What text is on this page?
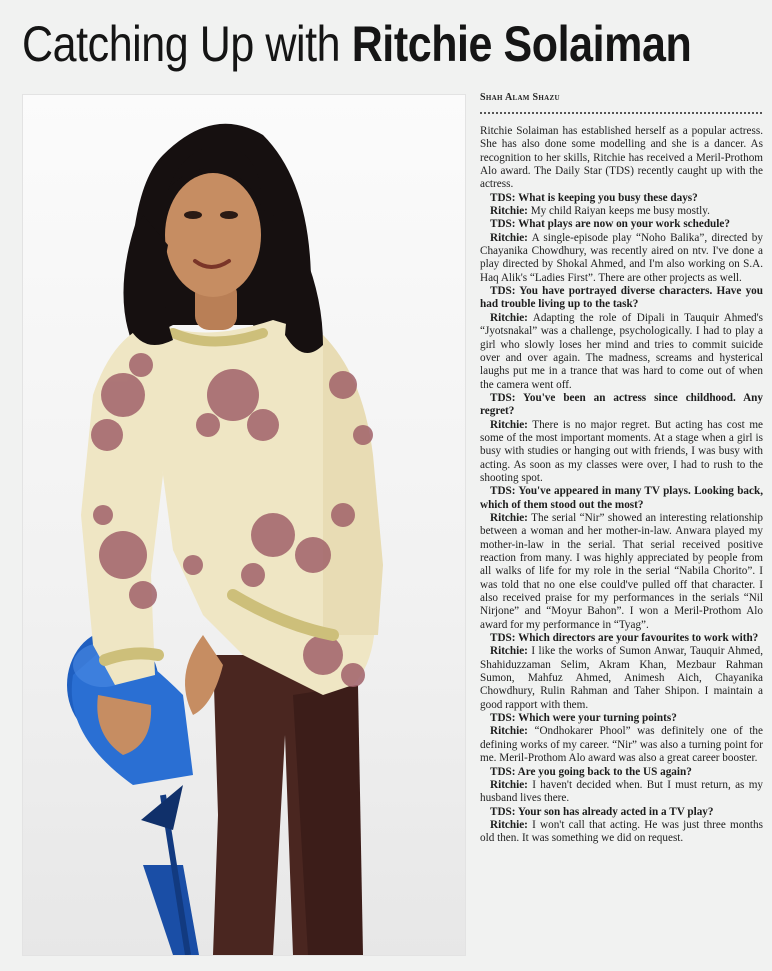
Catching Up with Ritchie Solaiman
Shah Alam Shazu

Ritchie Solaiman has established herself as a popular actress. She has also done some modelling and she is a dancer. As recognition to her skills, Ritchie has received a Meril-Prothom Alo award. The Daily Star (TDS) recently caught up with the actress.

TDS: What is keeping you busy these days?

Ritchie: My child Raiyan keeps me busy mostly.

TDS: What plays are now on your work schedule?

Ritchie: A single-episode play “Noho Balika”, directed by Chayanika Chowdhury, was recently aired on ntv. I've done a play directed by Shokal Ahmed, and I'm also working on S.A. Haq Alik's “Ladies First”. There are other projects as well.

TDS: You have portrayed diverse characters. Have you had trouble living up to the task?

Ritchie: Adapting the role of Dipali in Tauquir Ahmed's “Jyotsnakal” was a challenge, psychologically. I had to play a girl who slowly loses her mind and tries to commit suicide over and over again. The madness, screams and hysterical laughs put me in a trance that was hard to come out of when the camera went off.

TDS: You've been an actress since childhood. Any regret?

Ritchie: There is no major regret. But acting has cost me some of the most important moments. At a stage when a girl is busy with studies or hanging out with friends, I was busy with acting. As soon as my classes were over, I had to rush to the shooting spot.

TDS: You've appeared in many TV plays. Looking back, which of them stood out the most?

Ritchie: The serial “Nir” showed an interesting relationship between a woman and her mother-in-law. Anwara played my mother-in-law in the serial. That serial received positive reaction from many. I was highly appreciated by people from all walks of life for my role in the serial “Nabila Chorito”. I was told that no one else could've pulled off that character. I also received praise for my performances in the serials “Nil Nirjone” and “Moyur Bahon”. I won a Meril-Prothom Alo award for my performance in “Tyag”.

TDS: Which directors are your favourites to work with?

Ritchie: I like the works of Sumon Anwar, Tauquir Ahmed, Shahiduzzaman Selim, Akram Khan, Mezbaur Rahman Sumon, Mahfuz Ahmed, Animesh Aich, Chayanika Chowdhury, Rulin Rahman and Taher Shipon. I maintain a good rapport with them.

TDS: Which were your turning points?

Ritchie: “Ondhokarer Phool” was definitely one of the defining works of my career. “Nir” was also a turning point for me. Meril-Prothom Alo award was also a great career booster.

TDS: Are you going back to the US again?

Ritchie: I haven't decided when. But I must return, as my husband lives there.

TDS: Your son has already acted in a TV play?

Ritchie: I won't call that acting. He was just three months old then. It was something we did on request.
